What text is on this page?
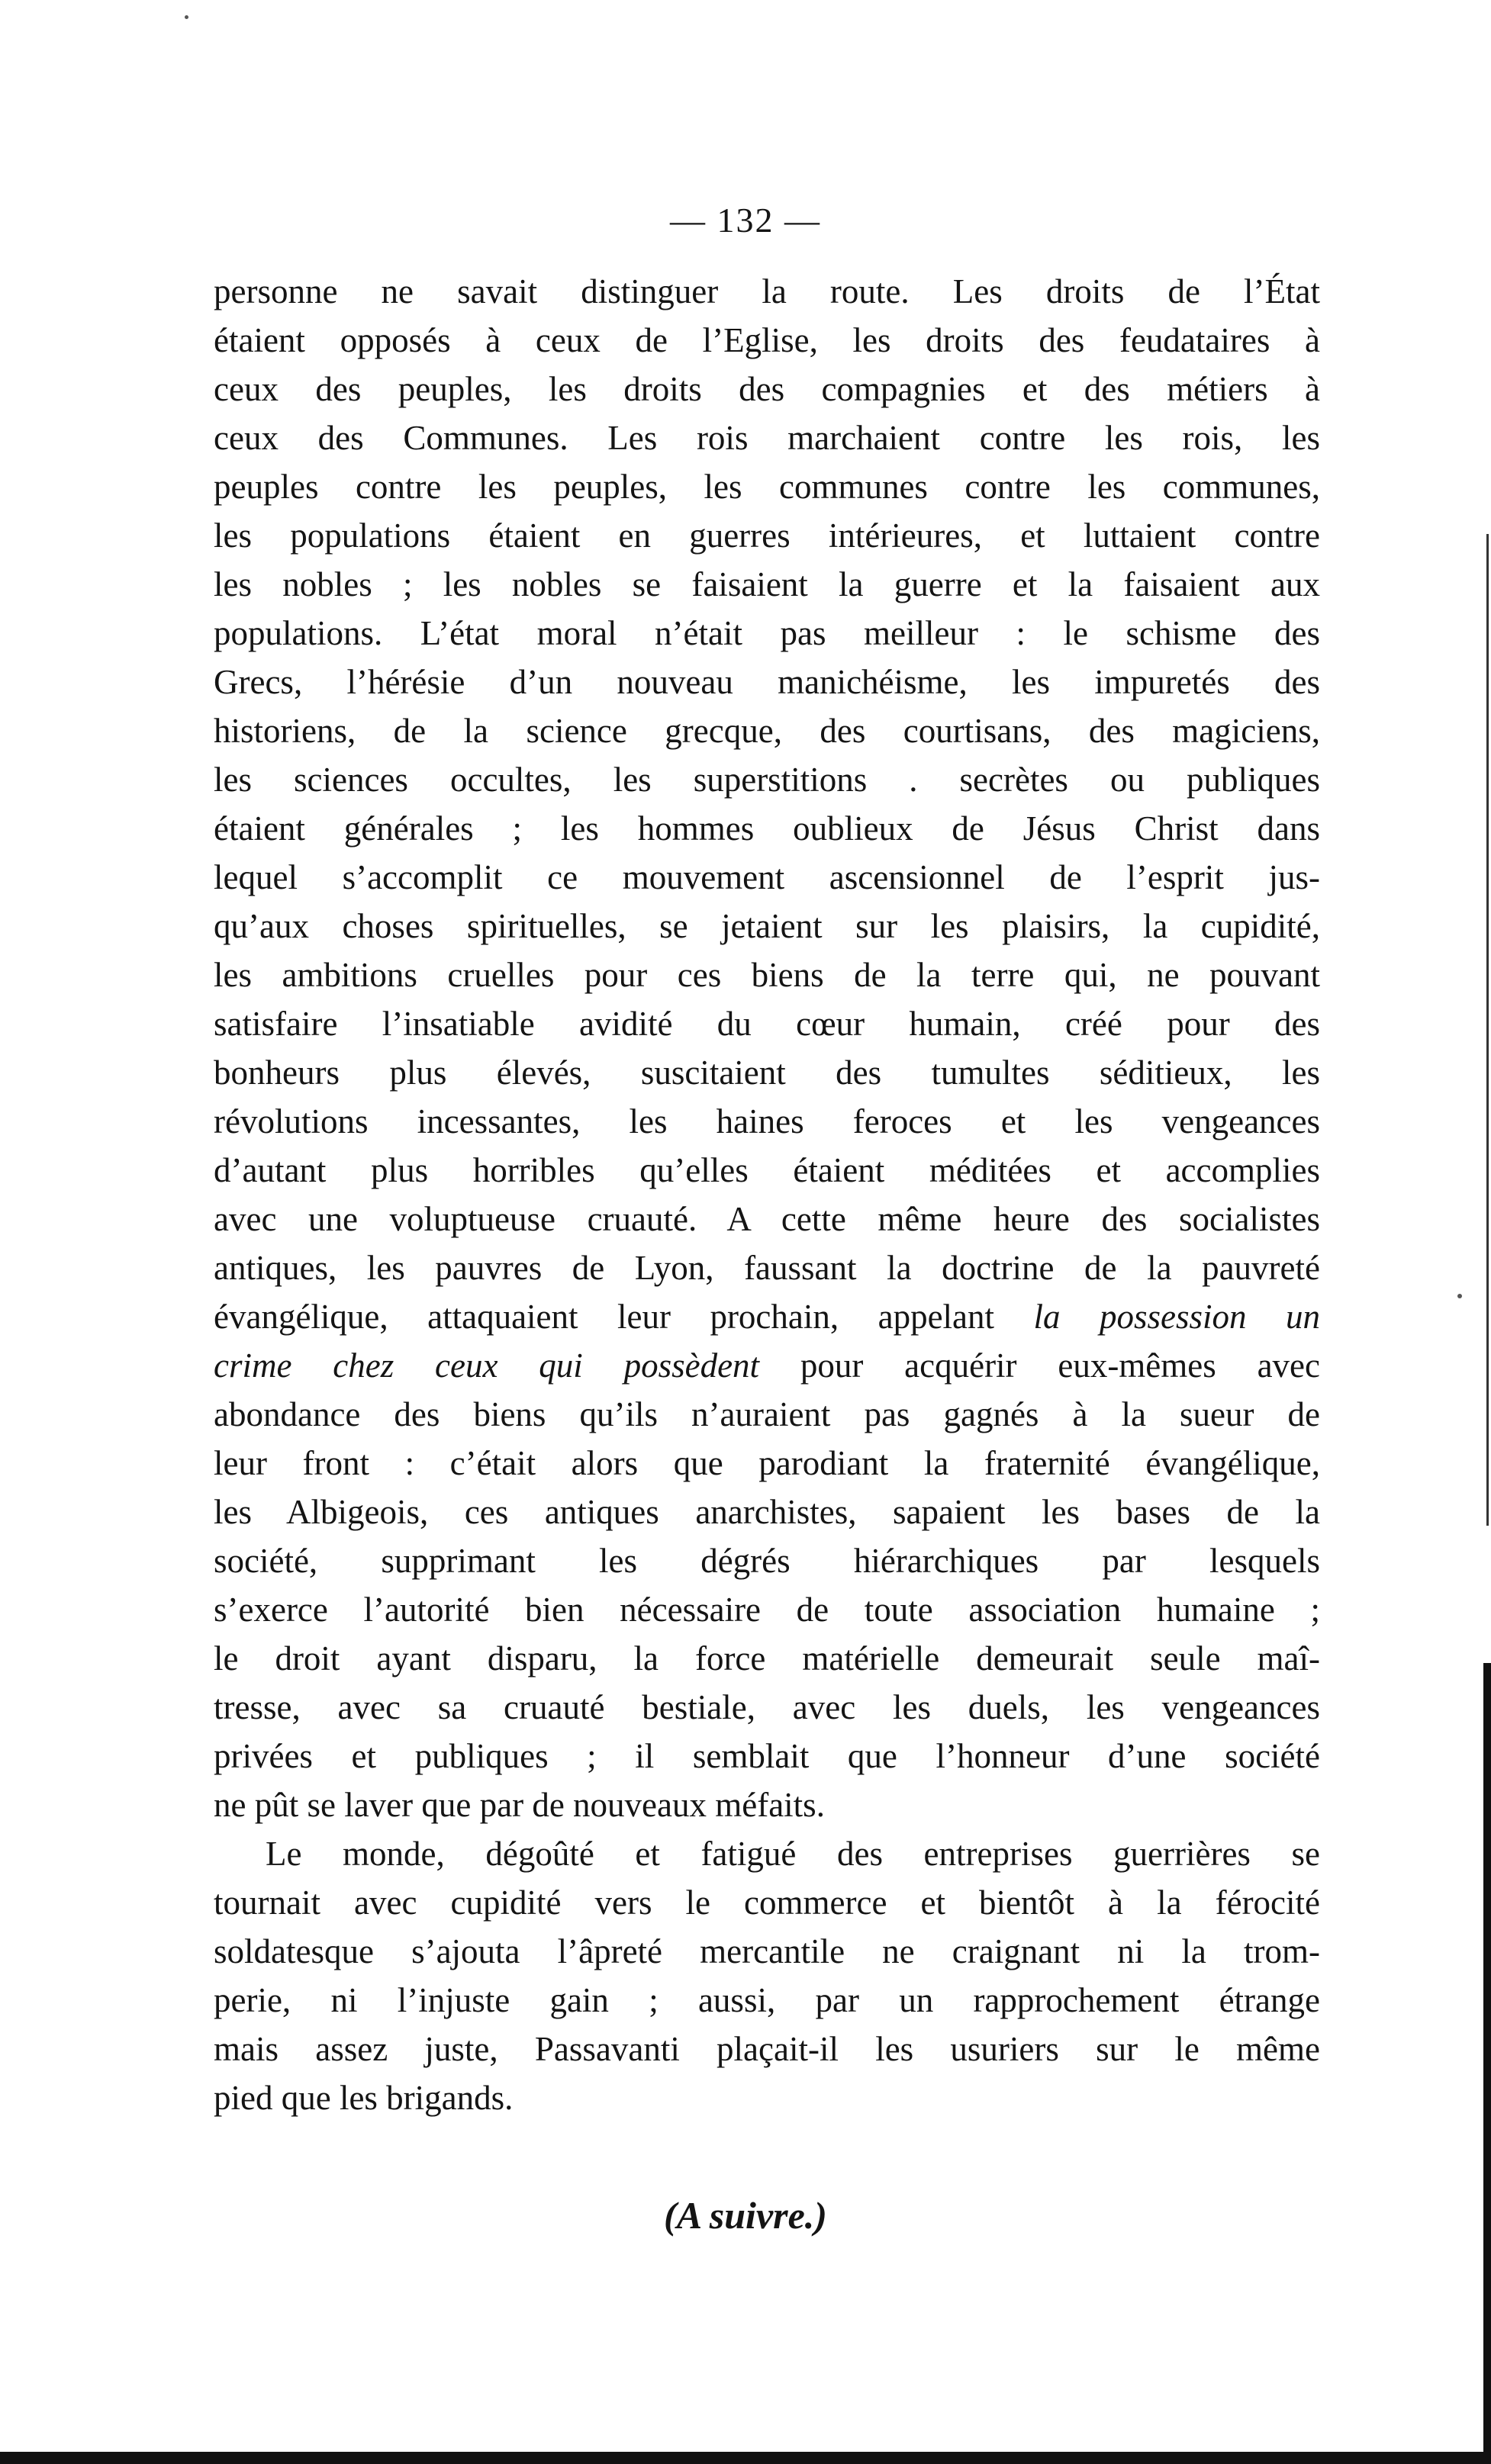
— 132 —
personne ne savait distinguer la route. Les droits de l’État
étaient opposés à ceux de l’Eglise, les droits des feudataires à
ceux des peuples, les droits des compagnies et des métiers à
ceux des Communes. Les rois marchaient contre les rois, les
peuples contre les peuples, les communes contre les communes,
les populations étaient en guerres intérieures, et luttaient contre
les nobles ; les nobles se faisaient la guerre et la faisaient aux
populations. L’état moral n’était pas meilleur : le schisme des
Grecs, l’hérésie d’un nouveau manichéisme, les impuretés des
historiens, de la science grecque, des courtisans, des magiciens,
les sciences occultes, les superstitions . secrètes ou publiques
étaient générales ; les hommes oublieux de Jésus Christ dans
lequel s’accomplit ce mouvement ascensionnel de l’esprit jus-
qu’aux choses spirituelles, se jetaient sur les plaisirs, la cupidité,
les ambitions cruelles pour ces biens de la terre qui, ne pouvant
satisfaire l’insatiable avidité du cœur humain, créé pour des
bonheurs plus élevés, suscitaient des tumultes séditieux, les
révolutions incessantes, les haines feroces et les vengeances
d’autant plus horribles qu’elles étaient méditées et accomplies
avec une voluptueuse cruauté. A cette même heure des socialistes
antiques, les pauvres de Lyon, faussant la doctrine de la pauvreté
évangélique, attaquaient leur prochain, appelant la possession un
crime chez ceux qui possèdent pour acquérir eux-mêmes avec
abondance des biens qu’ils n’auraient pas gagnés à la sueur de
leur front : c’était alors que parodiant la fraternité évangélique,
les Albigeois, ces antiques anarchistes, sapaient les bases de la
société, supprimant les dégrés hiérarchiques par lesquels
s’exerce l’autorité bien nécessaire de toute association humaine ;
le droit ayant disparu, la force matérielle demeurait seule maî-
tresse, avec sa cruauté bestiale, avec les duels, les vengeances
privées et publiques ; il semblait que l’honneur d’une société
ne pût se laver que par de nouveaux méfaits.
Le monde, dégoûté et fatigué des entreprises guerrières se
tournait avec cupidité vers le commerce et bientôt à la férocité
soldatesque s’ajouta l’âpreté mercantile ne craignant ni la trom-
perie, ni l’injuste gain ; aussi, par un rapprochement étrange
mais assez juste, Passavanti plaçait-il les usuriers sur le même
pied que les brigands.
(A suivre.)
